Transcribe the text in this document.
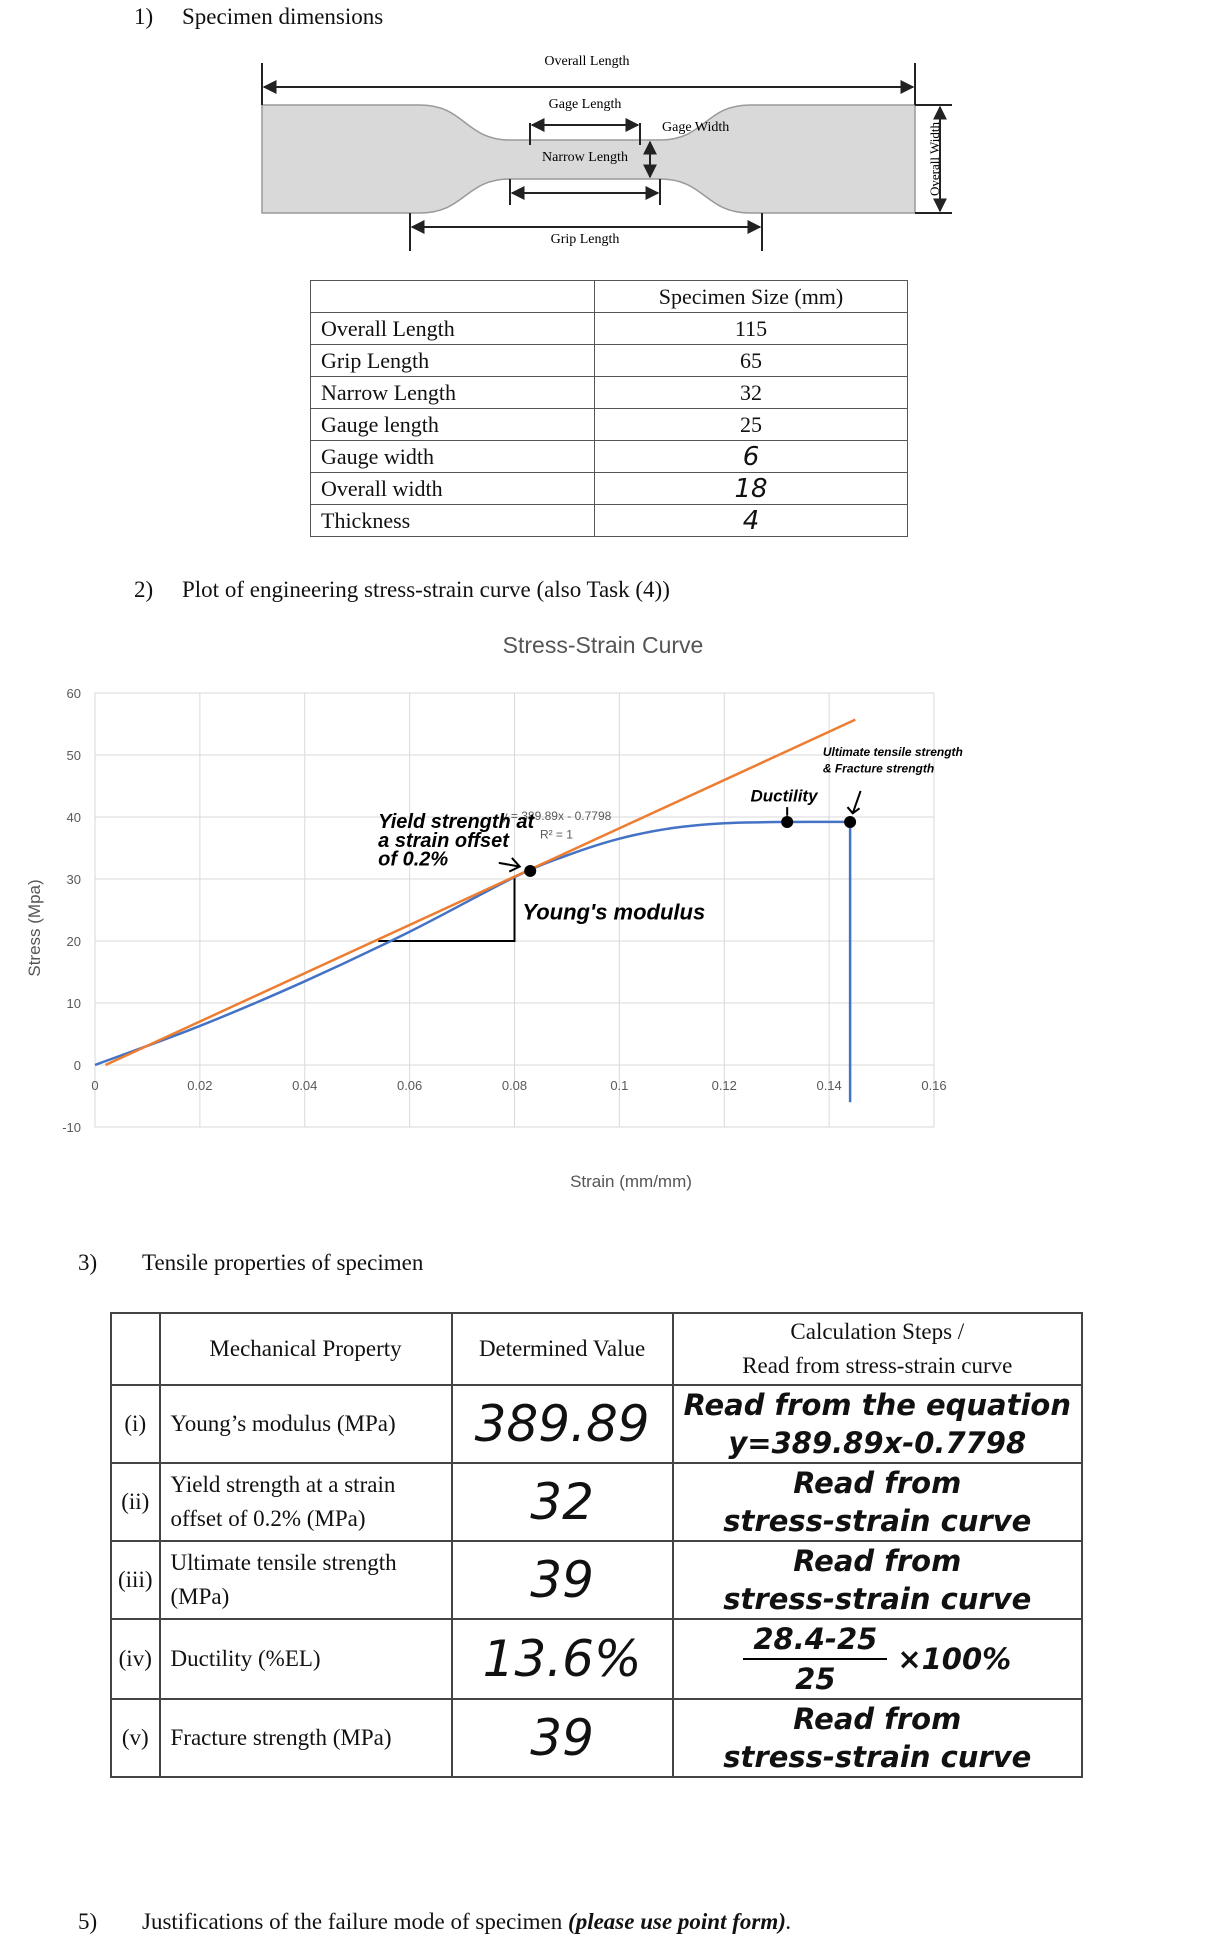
1) Specimen dimensions
Overall Length
Gage Length
Gage Width
Narrow Length
Grip Length
Overall Width
	Specimen Size (mm)
Overall Length	115
Grip Length	65
Narrow Length	32
Gauge length	25
Gauge width	6
Overall width	18
Thickness	4
2) Plot of engineering stress-strain curve (also Task (4))
Stress-Strain Curve
-10
0
10
20
30
40
50
60
0	0.02	0.04	0.06	0.08	0.1	0.12	0.14	0.16
Strain (mm/mm)
Stress (Mpa)
y = 389.89x - 0.7798
R² = 1
Yield strength at
a strain offset
of 0.2%
Young's modulus
Ductility
Ultimate tensile strength
& Fracture strength
3) Tensile properties of specimen
	Mechanical Property	Determined Value	Calculation Steps /
Read from stress-strain curve

(i)	Young’s modulus (MPa)	389.89	Read from the equation
y=389.89x-0.7798

(ii)	Yield strength at a strain offset of 0.2% (MPa)	32	Read from
stress-strain curve

(iii)	Ultimate tensile strength (MPa)	39	Read from
stress-strain curve

(iv)	Ductility (%EL)	13.6%	$\frac{28.4-25}{25} \times 100\%$

(v)	Fracture strength (MPa)	39	Read from
stress-strain curve
5) Justifications of the failure mode of specimen (please use point form).
